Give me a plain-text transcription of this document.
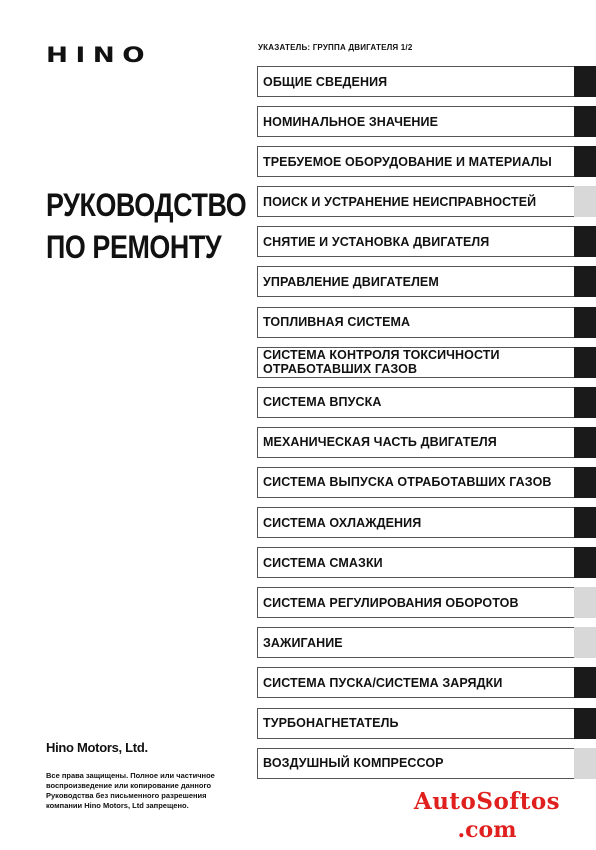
HINO	УКАЗАТЕЛЬ: ГРУППА ДВИГАТЕЛЯ 1/2
РУКОВОДСТВО
ПО РЕМОНТУ
ОБЩИЕ СВЕДЕНИЯ
НОМИНАЛЬНОЕ ЗНАЧЕНИЕ
ТРЕБУЕМОЕ ОБОРУДОВАНИЕ И МАТЕРИАЛЫ
ПОИСК И УСТРАНЕНИЕ НЕИСПРАВНОСТЕЙ
СНЯТИЕ И УСТАНОВКА ДВИГАТЕЛЯ
УПРАВЛЕНИЕ ДВИГАТЕЛЕМ
ТОПЛИВНАЯ СИСТЕМА
СИСТЕМА КОНТРОЛЯ ТОКСИЧНОСТИ ОТРАБОТАВШИХ ГАЗОВ
СИСТЕМА ВПУСКА
МЕХАНИЧЕСКАЯ ЧАСТЬ ДВИГАТЕЛЯ
СИСТЕМА ВЫПУСКА ОТРАБОТАВШИХ ГАЗОВ
СИСТЕМА ОХЛАЖДЕНИЯ
СИСТЕМА СМАЗКИ
СИСТЕМА РЕГУЛИРОВАНИЯ ОБОРОТОВ
ЗАЖИГАНИЕ
СИСТЕМА ПУСКА/СИСТЕМА ЗАРЯДКИ
ТУРБОНАГНЕТАТЕЛЬ
ВОЗДУШНЫЙ КОМПРЕССОР
Hino Motors, Ltd.
Все права защищены. Полное или частичное воспроизведение или копирование данного Руководства без письменного разрешения компании Hino Motors, Ltd запрещено.	AutoSoftos
.com
